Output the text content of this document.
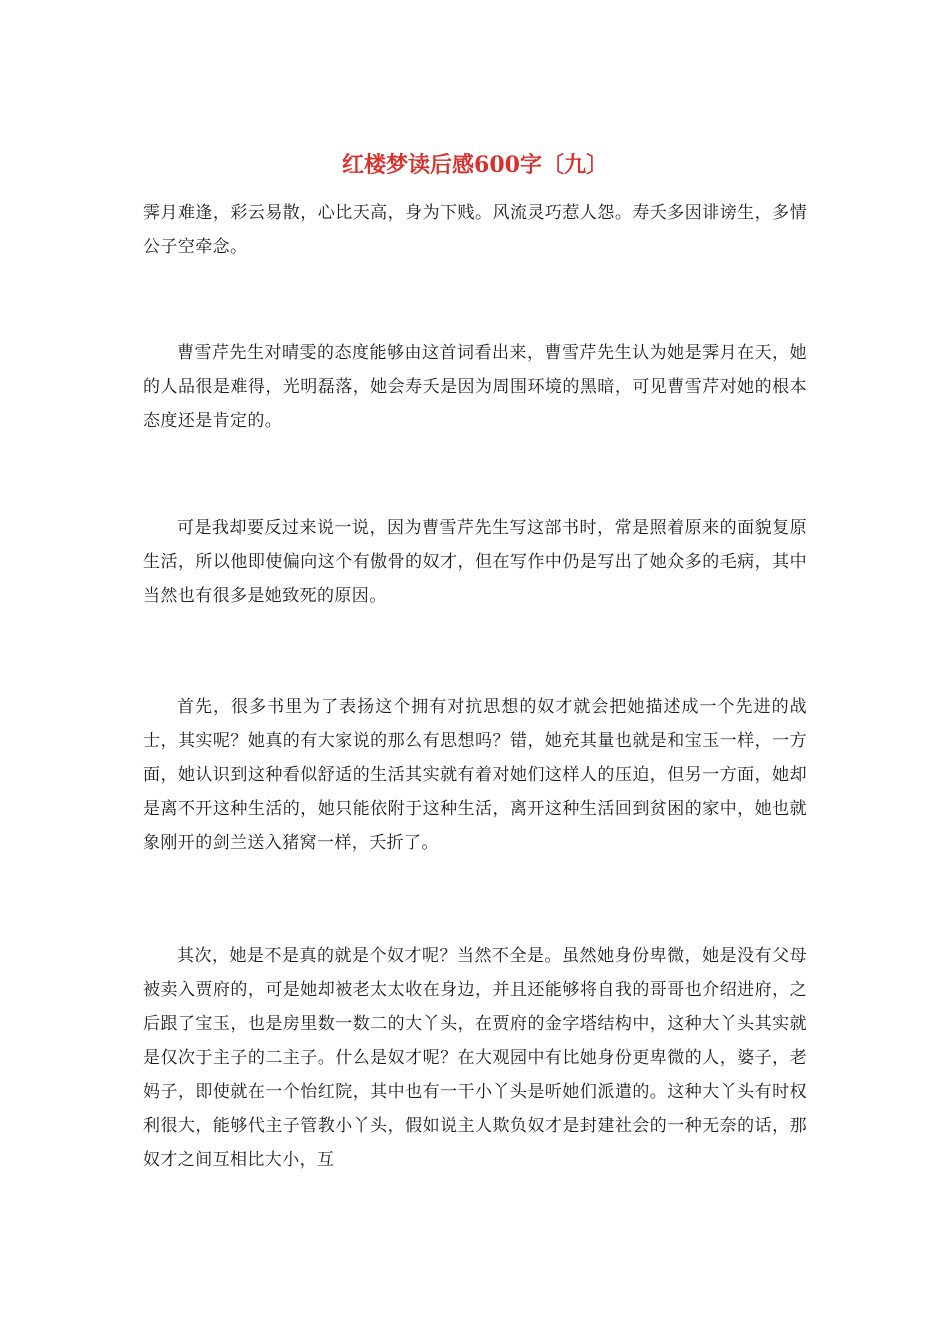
红楼梦读后感600字〔九〕

霁月难逢，彩云易散，心比天高，身为下贱。风流灵巧惹人怨。寿夭多因诽谤生，多情公子空牵念。

曹雪芹先生对晴雯的态度能够由这首词看出来，曹雪芹先生认为她是霁月在天，她的人品很是难得，光明磊落，她会寿夭是因为周围环境的黑暗，可见曹雪芹对她的根本态度还是肯定的。

可是我却要反过来说一说，因为曹雪芹先生写这部书时，常是照着原来的面貌复原生活，所以他即使偏向这个有傲骨的奴才，但在写作中仍是写出了她众多的毛病，其中当然也有很多是她致死的原因。

首先，很多书里为了表扬这个拥有对抗思想的奴才就会把她描述成一个先进的战士，其实呢？她真的有大家说的那么有思想吗？错，她充其量也就是和宝玉一样，一方面，她认识到这种看似舒适的生活其实就有着对她们这样人的压迫，但另一方面，她却是离不开这种生活的，她只能依附于这种生活，离开这种生活回到贫困的家中，她也就象刚开的剑兰送入猪窝一样，夭折了。

其次，她是不是真的就是个奴才呢？当然不全是。虽然她身份卑微，她是没有父母被卖入贾府的，可是她却被老太太收在身边，并且还能够将自我的哥哥也介绍进府，之后跟了宝玉，也是房里数一数二的大丫头，在贾府的金字塔结构中，这种大丫头其实就是仅次于主子的二主子。什么是奴才呢？在大观园中有比她身份更卑微的人，婆子，老妈子，即使就在一个怡红院，其中也有一干小丫头是听她们派遣的。这种大丫头有时权利很大，能够代主子管教小丫头，假如说主人欺负奴才是封建社会的一种无奈的话，那奴才之间互相比大小，互
